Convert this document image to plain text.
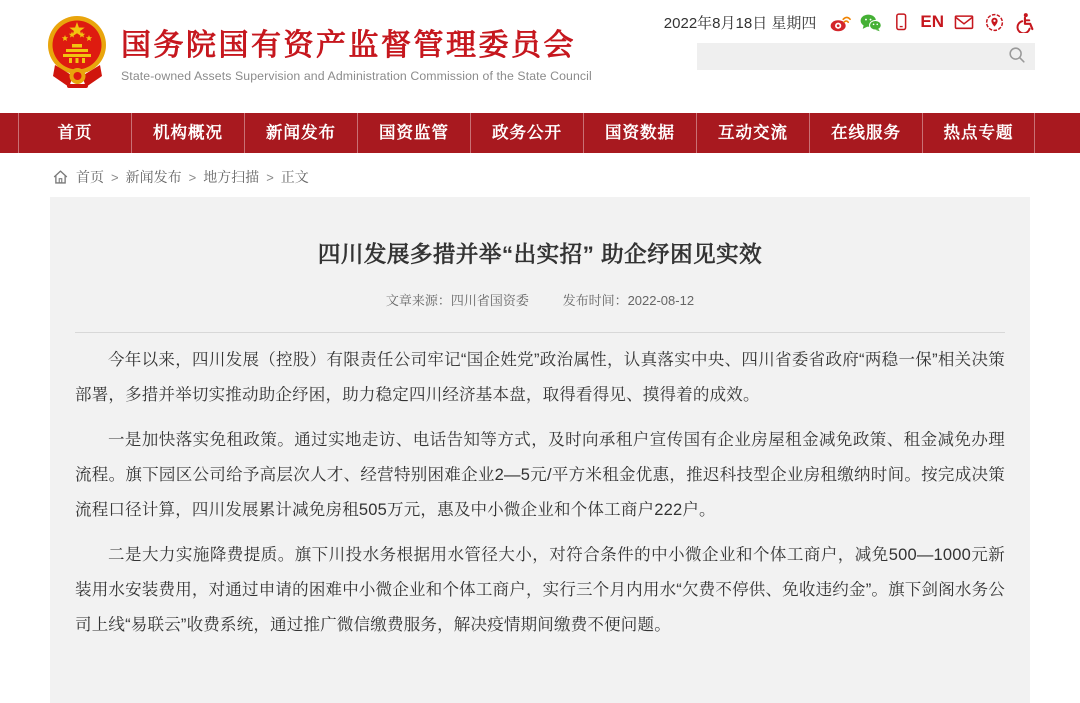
国务院国有资产监督管理委员会
State-owned Assets Supervision and Administration Commission of the State Council
2022年8月18日 星期四	EN
首页	机构概况	新闻发布	国资监管	政务公开	国资数据	互动交流	在线服务	热点专题
首页 > 新闻发布 > 地方扫描 > 正文
四川发展多措并举“出实招” 助企纾困见实效
文章来源：四川省国资委	发布时间：2022-08-12

今年以来，四川发展（控股）有限责任公司牢记“国企姓党”政治属性，认真落实中央、四川省委省政府“两稳一保”相关决策部署，多措并举切实推动助企纾困，助力稳定四川经济基本盘，取得看得见、摸得着的成效。

一是加快落实免租政策。通过实地走访、电话告知等方式，及时向承租户宣传国有企业房屋租金减免政策、租金减免办理流程。旗下园区公司给予高层次人才、经营特别困难企业2—5元/平方米租金优惠，推迟科技型企业房租缴纳时间。按完成决策流程口径计算，四川发展累计减免房租505万元，惠及中小微企业和个体工商户222户。

二是大力实施降费提质。旗下川投水务根据用水管径大小，对符合条件的中小微企业和个体工商户，减免500—1000元新装用水安装费用，对通过申请的困难中小微企业和个体工商户，实行三个月内用水“欠费不停供、免收违约金”。旗下剑阁水务公司上线“易联云”收费系统，通过推广微信缴费服务，解决疫情期间缴费不便问题。
